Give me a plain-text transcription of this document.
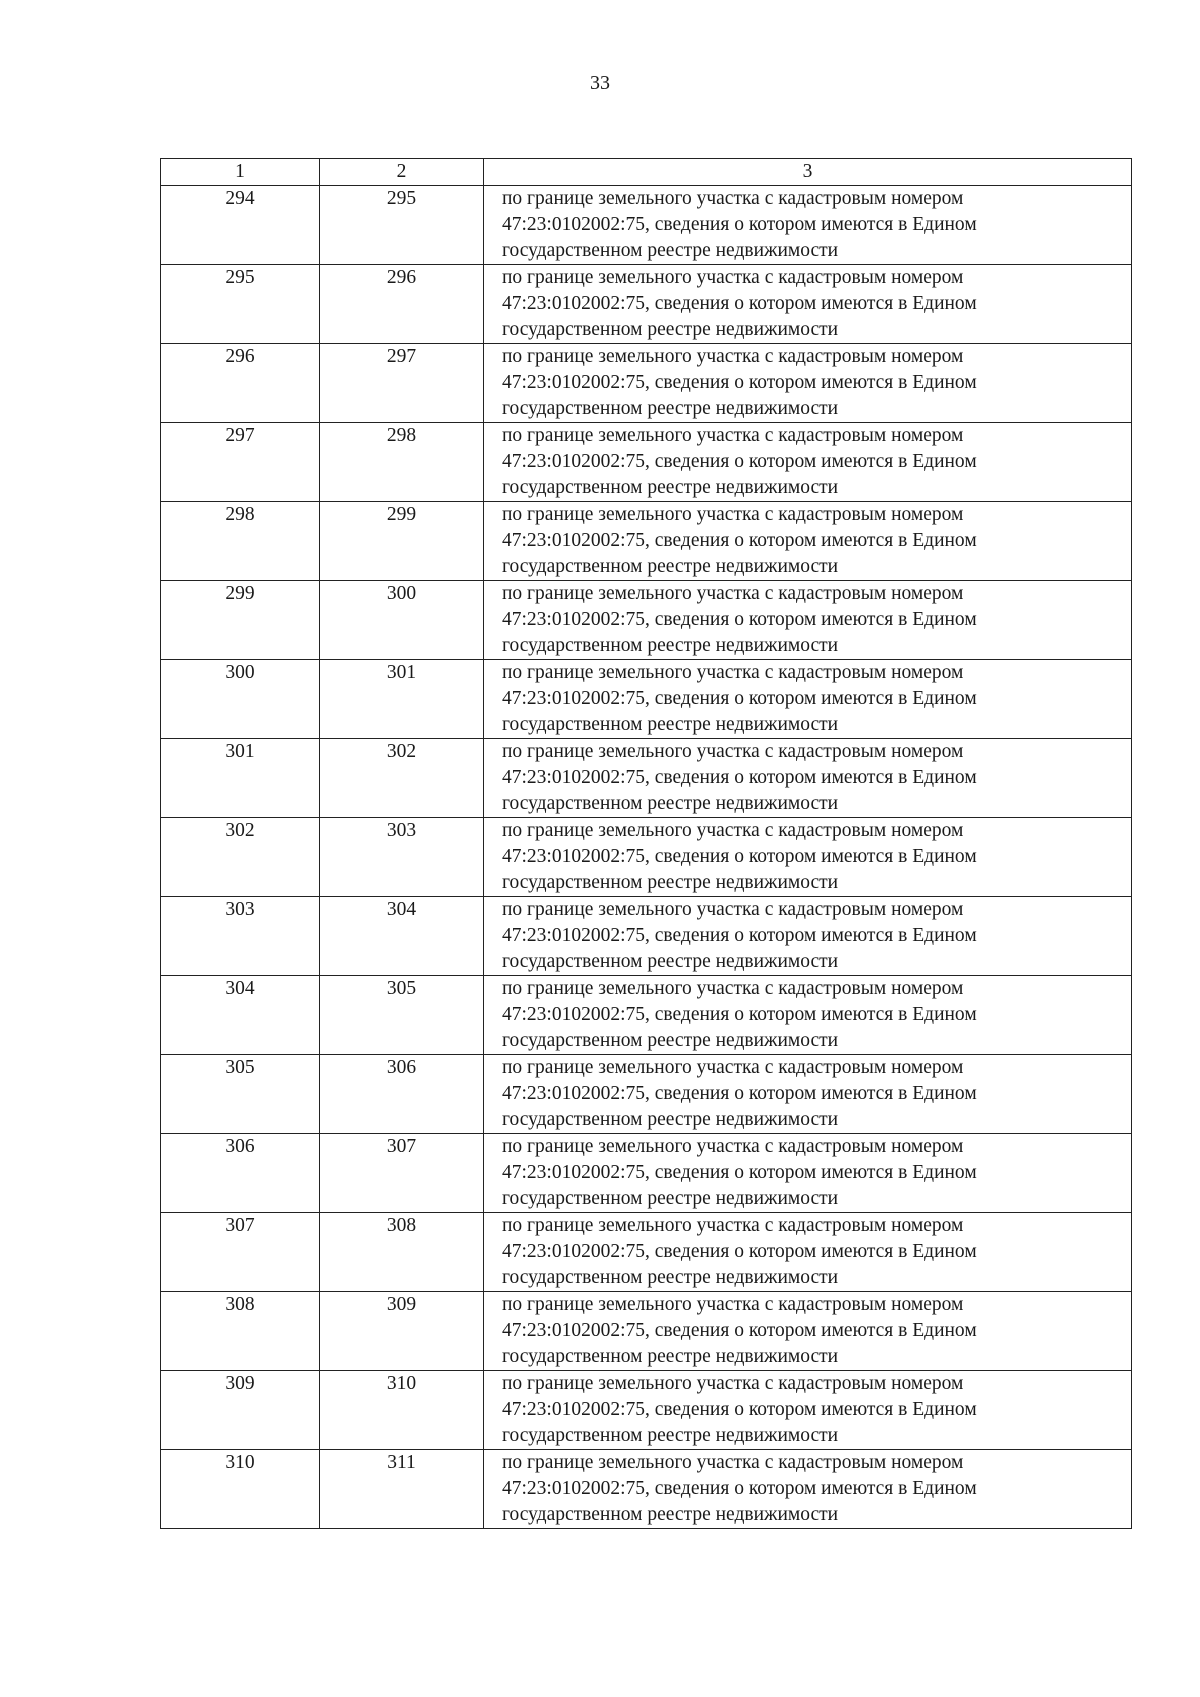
33
1	2	3
294	295	по границе земельного участка с кадастровым номером
47:23:0102002:75, сведения о котором имеются в Едином
государственном реестре недвижимости

295	296	по границе земельного участка с кадастровым номером
47:23:0102002:75, сведения о котором имеются в Едином
государственном реестре недвижимости

296	297	по границе земельного участка с кадастровым номером
47:23:0102002:75, сведения о котором имеются в Едином
государственном реестре недвижимости

297	298	по границе земельного участка с кадастровым номером
47:23:0102002:75, сведения о котором имеются в Едином
государственном реестре недвижимости

298	299	по границе земельного участка с кадастровым номером
47:23:0102002:75, сведения о котором имеются в Едином
государственном реестре недвижимости

299	300	по границе земельного участка с кадастровым номером
47:23:0102002:75, сведения о котором имеются в Едином
государственном реестре недвижимости

300	301	по границе земельного участка с кадастровым номером
47:23:0102002:75, сведения о котором имеются в Едином
государственном реестре недвижимости

301	302	по границе земельного участка с кадастровым номером
47:23:0102002:75, сведения о котором имеются в Едином
государственном реестре недвижимости

302	303	по границе земельного участка с кадастровым номером
47:23:0102002:75, сведения о котором имеются в Едином
государственном реестре недвижимости

303	304	по границе земельного участка с кадастровым номером
47:23:0102002:75, сведения о котором имеются в Едином
государственном реестре недвижимости

304	305	по границе земельного участка с кадастровым номером
47:23:0102002:75, сведения о котором имеются в Едином
государственном реестре недвижимости

305	306	по границе земельного участка с кадастровым номером
47:23:0102002:75, сведения о котором имеются в Едином
государственном реестре недвижимости

306	307	по границе земельного участка с кадастровым номером
47:23:0102002:75, сведения о котором имеются в Едином
государственном реестре недвижимости

307	308	по границе земельного участка с кадастровым номером
47:23:0102002:75, сведения о котором имеются в Едином
государственном реестре недвижимости

308	309	по границе земельного участка с кадастровым номером
47:23:0102002:75, сведения о котором имеются в Едином
государственном реестре недвижимости

309	310	по границе земельного участка с кадастровым номером
47:23:0102002:75, сведения о котором имеются в Едином
государственном реестре недвижимости

310	311	по границе земельного участка с кадастровым номером
47:23:0102002:75, сведения о котором имеются в Едином
государственном реестре недвижимости
